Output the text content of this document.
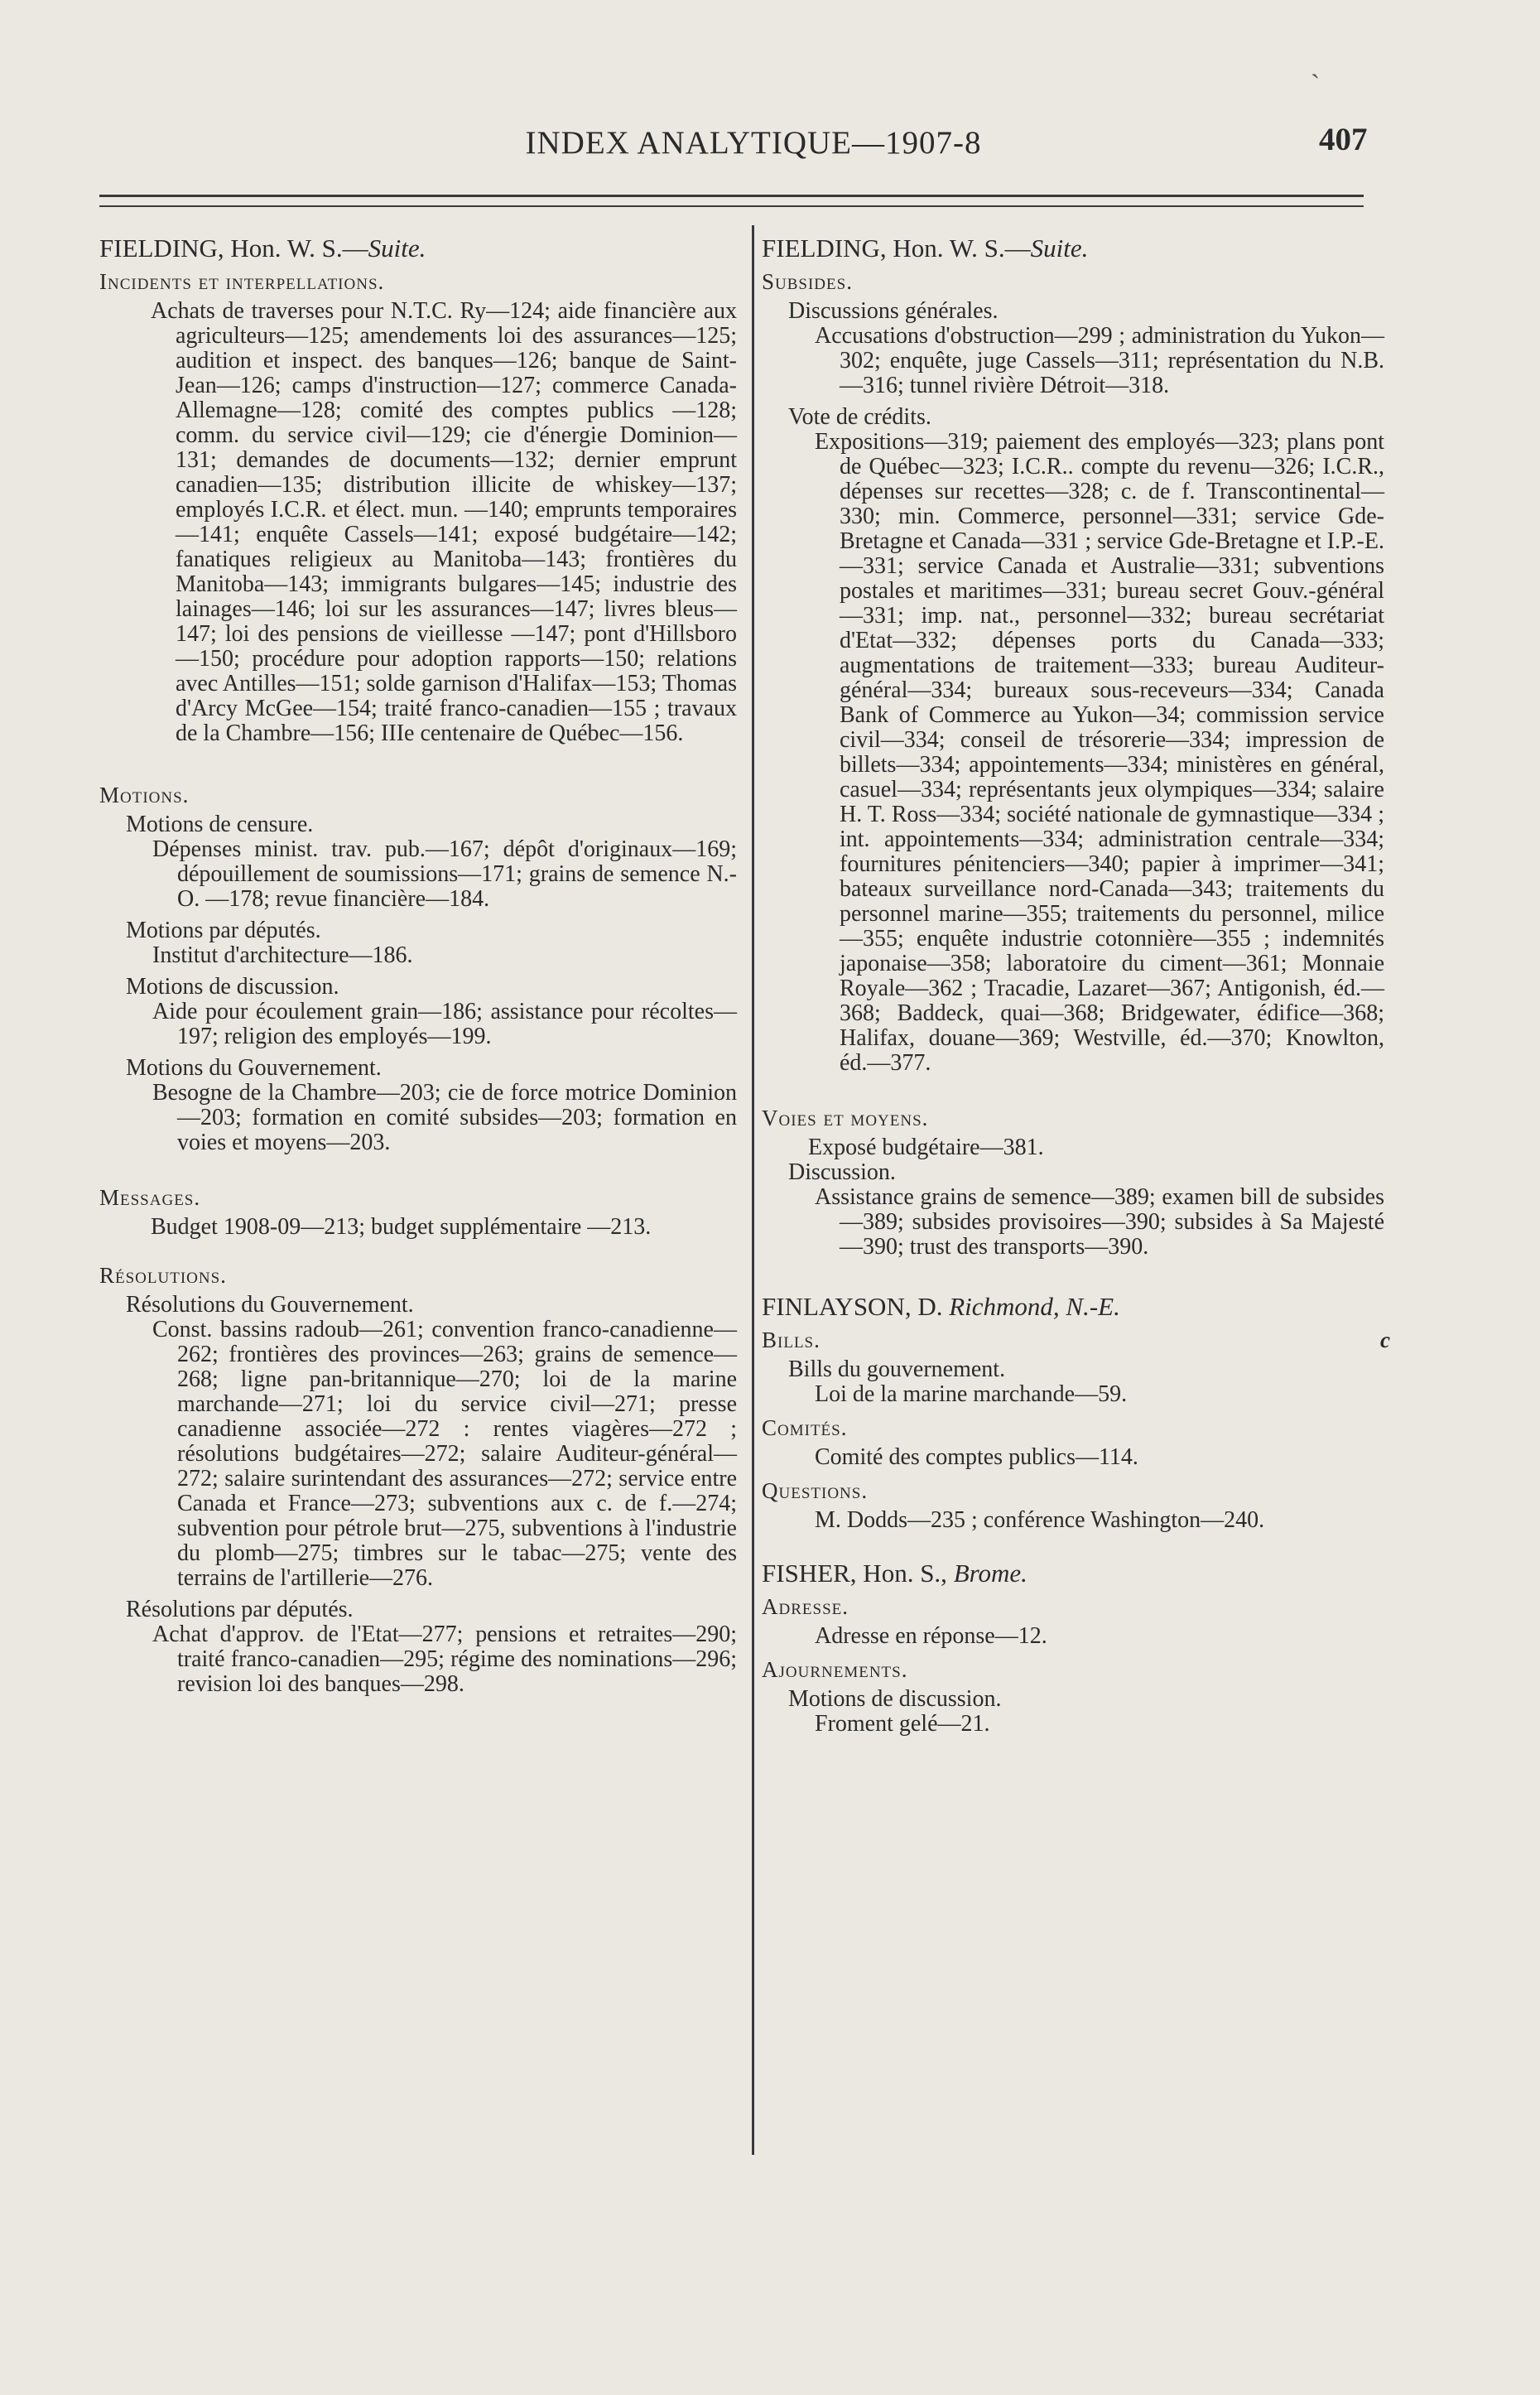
INDEX ANALYTIQUE—1907-8	407
ˋ
FIELDING, Hon. W. S.—Suite.
Incidents et interpellations.
Achats de traverses pour N.T.C. Ry—124; aide financière aux agriculteurs—125; amendements loi des assurances—125; audition et inspect. des banques—126; banque de Saint-Jean—126; camps d'instruction—127; commerce Canada-Allemagne—128; comité des comptes publics —128; comm. du service civil—129; cie d'énergie Dominion—131; demandes de documents—132; dernier emprunt canadien—135; distribution illicite de whiskey—137; employés I.C.R. et élect. mun. —140; emprunts temporaires—141; enquête Cassels—141; exposé budgétaire—142; fanatiques religieux au Manitoba—143; frontières du Manitoba—143; immigrants bulgares—145; industrie des lainages—146; loi sur les assurances—147; livres bleus—147; loi des pensions de vieillesse —147; pont d'Hillsboro—150; procédure pour adoption rapports—150; relations avec Antilles—151; solde garnison d'Halifax—153; Thomas d'Arcy McGee—154; traité franco-canadien—155 ; travaux de la Chambre—156; IIIe centenaire de Québec—156.
Motions.
Motions de censure.
Dépenses minist. trav. pub.—167; dépôt d'originaux—169; dépouillement de soumissions—171; grains de semence N.-O. —178; revue financière—184.
Motions par députés.
Institut d'architecture—186.
Motions de discussion.
Aide pour écoulement grain—186; assistance pour récoltes—197; religion des employés—199.
Motions du Gouvernement.
Besogne de la Chambre—203; cie de force motrice Dominion—203; formation en comité subsides—203; formation en voies et moyens—203.
Messages.
Budget 1908-09—213; budget supplémentaire —213.
Résolutions.
Résolutions du Gouvernement.
Const. bassins radoub—261; convention franco-canadienne—262; frontières des provinces—263; grains de semence—268; ligne pan-britannique—270; loi de la marine marchande—271; loi du service civil—271; presse canadienne associée—272 : rentes viagères—272 ; résolutions budgétaires—272; salaire Auditeur-général—272; salaire surintendant des assurances—272; service entre Canada et France—273; subventions aux c. de f.—274; subvention pour pétrole brut—275, subventions à l'industrie du plomb—275; timbres sur le tabac—275; vente des terrains de l'artillerie—276.
Résolutions par députés.
Achat d'approv. de l'Etat—277; pensions et retraites—290; traité franco-canadien—295; régime des nominations—296; revision loi des banques—298.
FIELDING, Hon. W. S.—Suite.
Subsides.
Discussions générales.
Accusations d'obstruction—299 ; administration du Yukon—302; enquête, juge Cassels—311; représentation du N.B.—316; tunnel rivière Détroit—318.
Vote de crédits.
Expositions—319; paiement des employés—323; plans pont de Québec—323; I.C.R.. compte du revenu—326; I.C.R., dépenses sur recettes—328; c. de f. Transcontinental—330; min. Commerce, personnel—331; service Gde-Bretagne et Canada—331 ; service Gde-Bretagne et I.P.-E.—331; service Canada et Australie—331; subventions postales et maritimes—331; bureau secret Gouv.-général —331; imp. nat., personnel—332; bureau secrétariat d'Etat—332; dépenses ports du Canada—333; augmentations de traitement—333; bureau Auditeur-général—334; bureaux sous-receveurs—334; Canada Bank of Commerce au Yukon—34; commission service civil—334; conseil de trésorerie—334; impression de billets—334; appointements—334; ministères en général, casuel—334; représentants jeux olympiques—334; salaire H. T. Ross—334; société nationale de gymnastique—334 ; int. appointements—334; administration centrale—334; fournitures pénitenciers—340; papier à imprimer—341; bateaux surveillance nord-Canada—343; traitements du personnel marine—355; traitements du personnel, milice—355; enquête industrie cotonnière—355 ; indemnités japonaise—358; laboratoire du ciment—361; Monnaie Royale—362 ; Tracadie, Lazaret—367; Antigonish, éd.—368; Baddeck, quai—368; Bridgewater, édifice—368; Halifax, douane—369; Westville, éd.—370; Knowlton, éd.—377.
Voies et moyens.
Exposé budgétaire—381.
Discussion.
Assistance grains de semence—389; examen bill de subsides—389; subsides provisoires—390; subsides à Sa Majesté—390; trust des transports—390.
FINLAYSON, D. Richmond, N.-E.
Bills.	c
Bills du gouvernement.
Loi de la marine marchande—59.
Comités.
Comité des comptes publics—114.
Questions.
M. Dodds—235 ; conférence Washington—240.
FISHER, Hon. S., Brome.
Adresse.
Adresse en réponse—12.
Ajournements.
Motions de discussion.
Froment gelé—21.
